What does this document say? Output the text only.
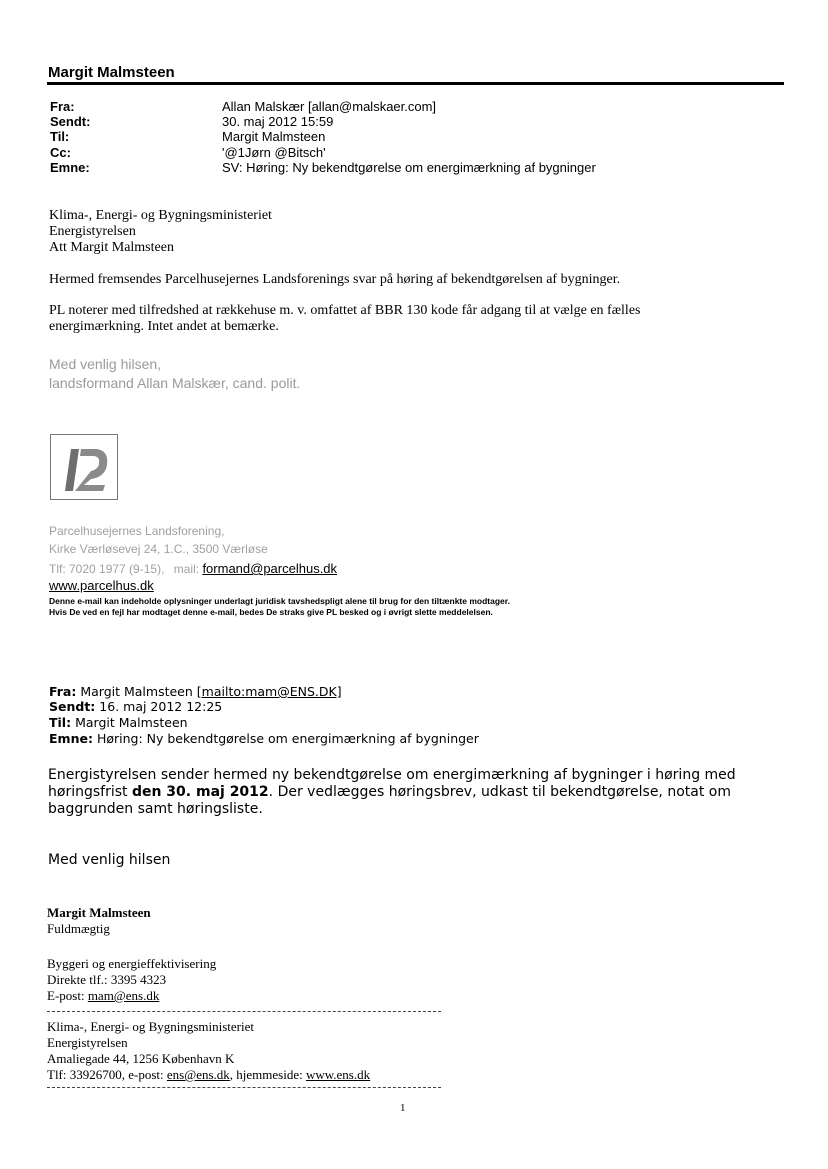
Margit Malmsteen
Fra:	Allan Malskær [allan@malskaer.com]
Sendt:	30. maj 2012 15:59
Til:	Margit Malmsteen
Cc:	'@1Jørn @Bitsch'
Emne:	SV: Høring: Ny bekendtgørelse om energimærkning af bygninger
Klima-, Energi- og Bygningsministeriet
Energistyrelsen
Att Margit Malmsteen
Hermed fremsendes Parcelhusejernes Landsforenings svar på høring af bekendtgørelsen af bygninger.
PL noterer med tilfredshed at rækkehuse m. v. omfattet af BBR 130 kode får adgang til at vælge en fælles
energimærkning. Intet andet at bemærke.
Med venlig hilsen,
landsformand Allan Malskær, cand. polit.
Parcelhusejernes Landsforening,
Kirke Værløsevej 24, 1.C., 3500 Værløse
Tlf: 7020 1977 (9-15), mail: formand@parcelhus.dk
www.parcelhus.dk
Denne e-mail kan indeholde oplysninger underlagt juridisk tavshedspligt alene til brug for den tiltænkte modtager.
Hvis De ved en fejl har modtaget denne e-mail, bedes De straks give PL besked og i øvrigt slette meddelelsen.
Fra: Margit Malmsteen [mailto:mam@ENS.DK]
Sendt: 16. maj 2012 12:25
Til: Margit Malmsteen
Emne: Høring: Ny bekendtgørelse om energimærkning af bygninger
Energistyrelsen sender hermed ny bekendtgørelse om energimærkning af bygninger i høring med
høringsfrist den 30. maj 2012. Der vedlægges høringsbrev, udkast til bekendtgørelse, notat om
baggrunden samt høringsliste.
Med venlig hilsen
Margit Malmsteen
Fuldmægtig
Byggeri og energieffektivisering
Direkte tlf.: 3395 4323
E-post: mam@ens.dk
Klima-, Energi- og Bygningsministeriet
Energistyrelsen
Amaliegade 44, 1256 København K
Tlf: 33926700, e-post: ens@ens.dk, hjemmeside: www.ens.dk
1
